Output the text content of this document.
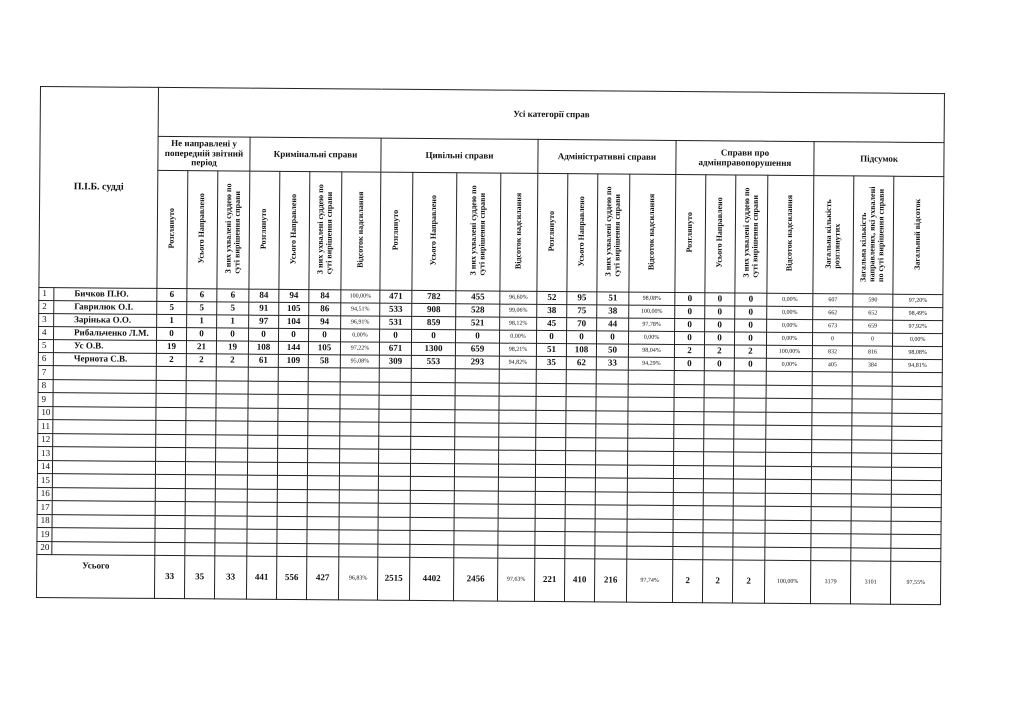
П.І.Б. судді		Усі категорії справ																					
		Не направлені у попередній звітний період			Кримінальні справи				Цивільні справи				Адміністративні справи				Справи про адмінправопорушення				Підсумок		
		Розглянуто	Усього Направлено	З них ухвалені суддею по
суті вирішення справи	Розглянуто	Усього Направлено	З них ухвалені суддею по
суті вирішення справи	Відсоток надсилання	Розглянуто	Усього Направлено	З них ухвалені суддею по
суті вирішення справи	Відсоток надсилання	Розглянуто	Усього Направлено	З них ухвалені суддею по
суті вирішення справи	Відсоток надсилання	Розглянуто	Усього Направлено	З них ухвалені суддею по
суті вирішення справи	Відсоток надсилання	Загальна кількість
розглянутих	Загальна кількість
направлених, які ухвалені
по суті вирішення справи	Загальний відсоток
1	Бичков П.Ю.	6	6	6	84	94	84	100,00%	471	782	455	96,60%	52	95	51	98,08%	0	0	0	0,00%	607	590	97,20%
2	Гаврилюк О.І.	5	5	5	91	105	86	94,51%	533	908	528	99,06%	38	75	38	100,00%	0	0	0	0,00%	662	652	98,49%
3	Зарінька О.О.	1	1	1	97	104	94	96,91%	531	859	521	98,12%	45	70	44	97,78%	0	0	0	0,00%	673	659	97,92%
4	Рибальченко Л.М.	0	0	0	0	0	0	0,00%	0	0	0	0,00%	0	0	0	0,00%	0	0	0	0,00%	0	0	0,00%
5	Ус О.В.	19	21	19	108	144	105	97,22%	671	1300	659	98,21%	51	108	50	98,04%	2	2	2	100,00%	832	816	98,08%
6	Чернота С.В.	2	2	2	61	109	58	95,08%	309	553	293	94,82%	35	62	33	94,29%	0	0	0	0,00%	405	384	94,81%
7																							
8																							
9																							
10																							
11																							
12																							
13																							
14																							
15																							
16																							
17																							
18																							
19																							
20																							
Усього		33	35	33	441	556	427	96,83%	2515	4402	2456	97,63%	221	410	216	97,74%	2	2	2	100,00%	3179	3101	97,55%
